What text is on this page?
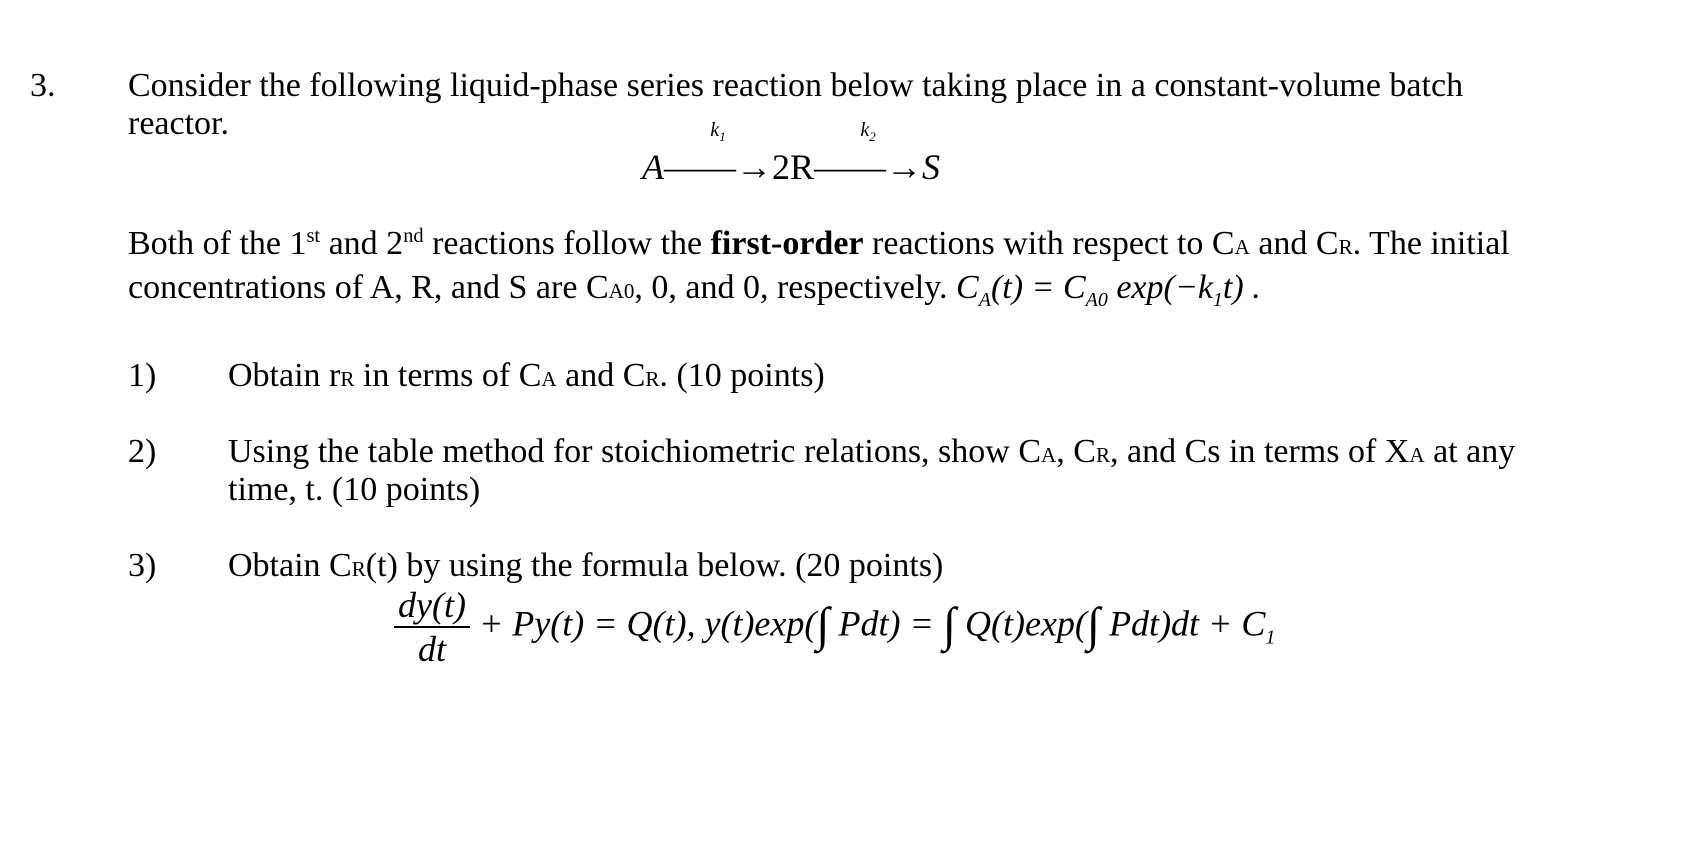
3. Consider the following liquid-phase series reaction below taking place in a constant-volume batch
reactor.
A
$k_1$
——→2R
$k_2$
——→S
Both of the 1st and 2nd reactions follow the first-order reactions with respect to CA and CR. The initial
concentrations of A, R, and S are CA0, 0, and 0, respectively. $C_A(t) = C_{A0}$ $\exp(-k_1t)$ .
1) Obtain rR in terms of CA and CR. (10 points)
2) Using the table method for stoichiometric relations, show CA, CR, and Cs in terms of XA at any
time, t. (10 points)
3) Obtain CR(t) by using the formula below. (20 points)
$\frac{dy(t)}{dt} + Py(t) = Q(t)$, y(t)exp(∫ Pdt) = ∫ Q(t)exp(∫ $Pdt)dt + C_1$
